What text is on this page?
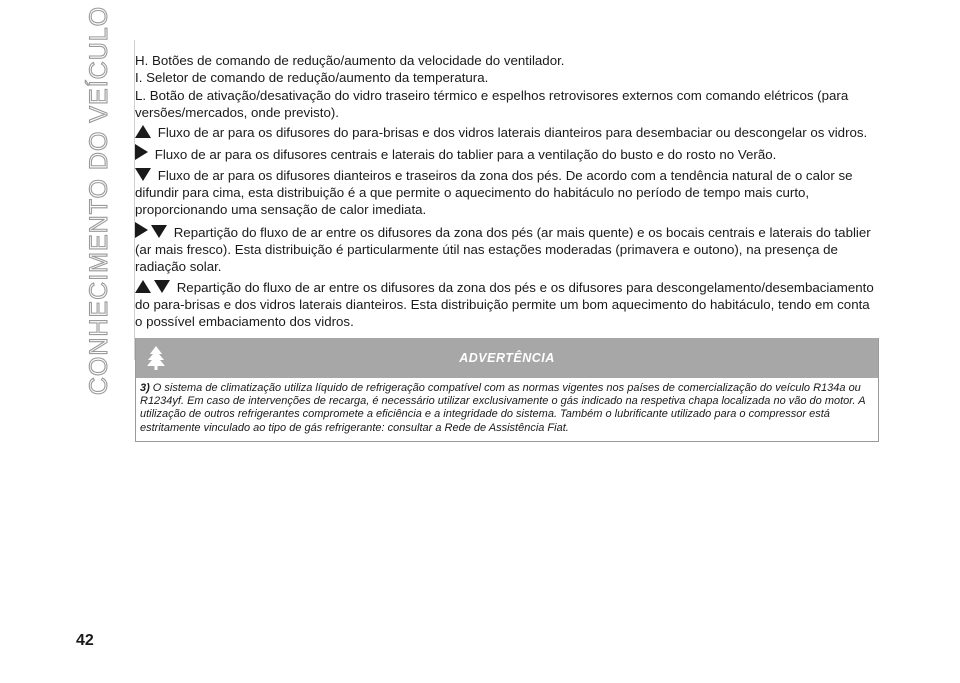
CONHECIMENTO DO VEÍCULO H. Botões de comando de redução/aumento da velocidade do ventilador.

I. Seletor de comando de redução/aumento da temperatura.

L. Botão de ativação/desativação do vidro traseiro térmico e espelhos retrovisores externos com comando elétricos (para versões/mercados, onde previsto).

Fluxo de ar para os difusores do para-brisas e dos vidros laterais dianteiros para desembaciar ou descongelar os vidros.

Fluxo de ar para os difusores centrais e laterais do tablier para a ventilação do busto e do rosto no Verão.

Fluxo de ar para os difusores dianteiros e traseiros da zona dos pés. De acordo com a tendência natural de o calor se difundir para cima, esta distribuição é a que permite o aquecimento do habitáculo no período de tempo mais curto, proporcionando uma sensação de calor imediata.

Repartição do fluxo de ar entre os difusores da zona dos pés (ar mais quente) e os bocais centrais e laterais do tablier (ar mais fresco). Esta distribuição é particularmente útil nas estações moderadas (primavera e outono), na presença de radiação solar.

Repartição do fluxo de ar entre os difusores da zona dos pés e os difusores para descongelamento/desembaciamento do para-brisas e dos vidros laterais dianteiros. Esta distribuição permite um bom aquecimento do habitáculo, tendo em conta o possível embaciamento dos vidros.

ADVERTÊNCIA
3) O sistema de climatização utiliza líquido de refrigeração compatível com as normas vigentes nos países de comercialização do veículo R134a ou R1234yf. Em caso de intervenções de recarga, é necessário utilizar exclusivamente o gás indicado na respetiva chapa localizada no vão do motor. A utilização de outros refrigerantes compromete a eficiência e a integridade do sistema. Também o lubrificante utilizado para o compressor está estritamente vinculado ao tipo de gás refrigerante: consultar a Rede de Assistência Fiat.
42
